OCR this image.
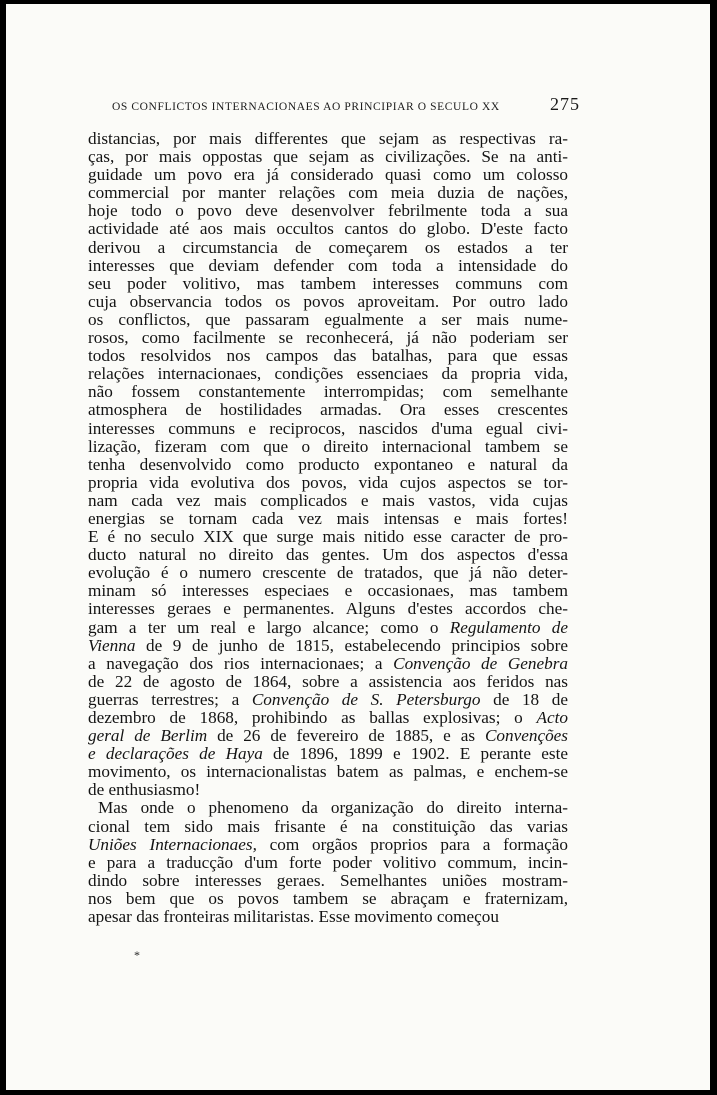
OS CONFLICTOS INTERNACIONAES AO PRINCIPIAR O SECULO XX	275
distancias, por mais differentes que sejam as respectivas ra-
ças, por mais oppostas que sejam as civilizações. Se na anti-
guidade um povo era já considerado quasi como um colosso
commercial por manter relações com meia duzia de nações,
hoje todo o povo deve desenvolver febrilmente toda a sua
actividade até aos mais occultos cantos do globo. D'este facto
derivou a circumstancia de começarem os estados a ter
interesses que deviam defender com toda a intensidade do
seu poder volitivo, mas tambem interesses communs com
cuja observancia todos os povos aproveitam. Por outro lado
os conflictos, que passaram egualmente a ser mais nume-
rosos, como facilmente se reconhecerá, já não poderiam ser
todos resolvidos nos campos das batalhas, para que essas
relações internacionaes, condições essenciaes da propria vida,
não fossem constantemente interrompidas; com semelhante
atmosphera de hostilidades armadas. Ora esses crescentes
interesses communs e reciprocos, nascidos d'uma egual civi-
lização, fizeram com que o direito internacional tambem se
tenha desenvolvido como producto expontaneo e natural da
propria vida evolutiva dos povos, vida cujos aspectos se tor-
nam cada vez mais complicados e mais vastos, vida cujas
energias se tornam cada vez mais intensas e mais fortes!
E é no seculo XIX que surge mais nitido esse caracter de pro-
ducto natural no direito das gentes. Um dos aspectos d'essa
evolução é o numero crescente de tratados, que já não deter-
minam só interesses especiaes e occasionaes, mas tambem
interesses geraes e permanentes. Alguns d'estes accordos che-
gam a ter um real e largo alcance; como o Regulamento de
Vienna de 9 de junho de 1815, estabelecendo principios sobre
a navegação dos rios internacionaes; a Convenção de Genebra
de 22 de agosto de 1864, sobre a assistencia aos feridos nas
guerras terrestres; a Convenção de S. Petersburgo de 18 de
dezembro de 1868, prohibindo as ballas explosivas; o Acto
geral de Berlim de 26 de fevereiro de 1885, e as Convenções
e declarações de Haya de 1896, 1899 e 1902. E perante este
movimento, os internacionalistas batem as palmas, e enchem-se
de enthusiasmo!
Mas onde o phenomeno da organização do direito interna-
cional tem sido mais frisante é na constituição das varias
Uniões Internacionaes, com orgãos proprios para a formação
e para a traducção d'um forte poder volitivo commum, incin-
dindo sobre interesses geraes. Semelhantes uniões mostram-
nos bem que os povos tambem se abraçam e fraternizam,
apesar das fronteiras militaristas. Esse movimento começou
*
